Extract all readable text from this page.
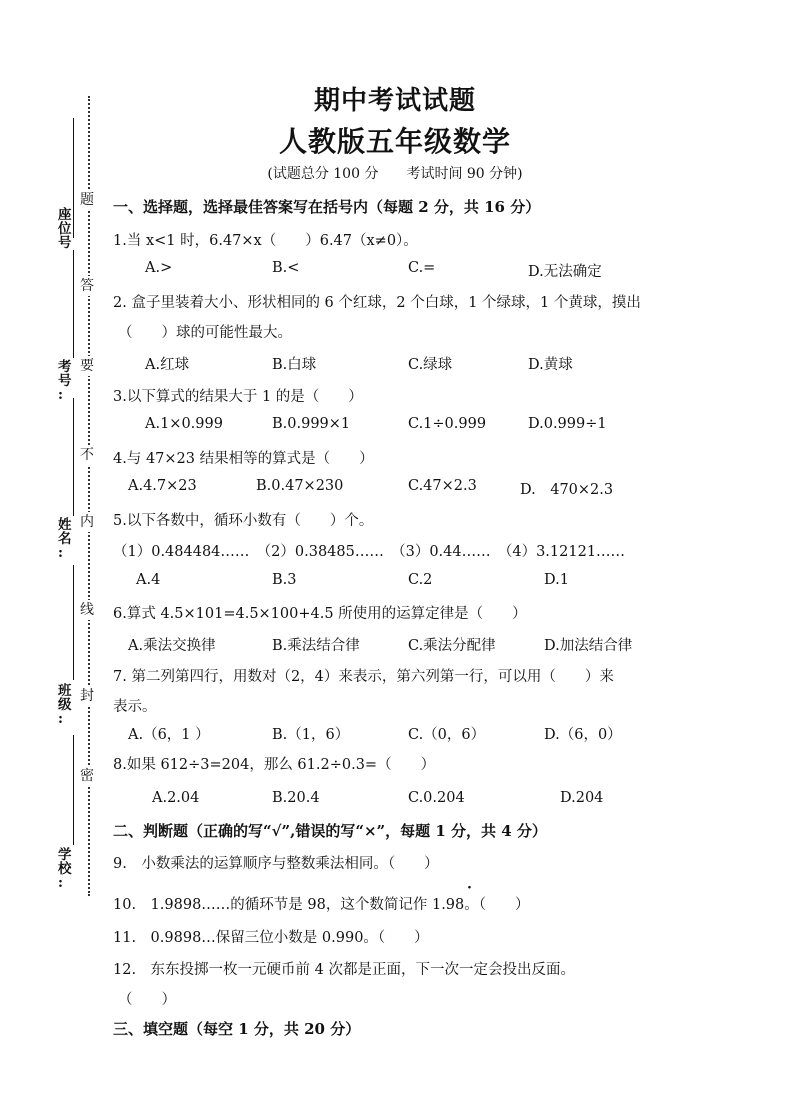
座
位
号
考
号
:
姓
名
:
班
级
:
学
校
:
题
答
要
不
内
线
封
密
期中考试试题
人教版五年级数学
(试题总分 100 分　　考试时间 90 分钟)
一、选择题，选择最佳答案写在括号内（每题 2 分，共 16 分）
1.当 x<1 时，6.47×x（　　）6.47（x≠0）。
A.>	B.<	C.=	D.无法确定
2. 盒子里装着大小、形状相同的 6 个红球，2 个白球，1 个绿球，1 个黄球，摸出
（　　）球的可能性最大。
A.红球	B.白球	C.绿球	D.黄球
3.以下算式的结果大于 1 的是（　　）
A.1×0.999	B.0.999×1	C.1÷0.999	D.0.999÷1
4.与 47×23 结果相等的算式是（　　）
A.4.7×23	B.0.47×230	C.47×2.3	D.　470×2.3
5.以下各数中，循环小数有（　　）个。
（1）0.484484……　（2）0.38485……　（3）0.44……　（4）3.12121……
A.4	B.3	C.2	D.1
6.算式 4.5×101=4.5×100+4.5 所使用的运算定律是（　　）
A.乘法交换律	B.乘法结合律	C.乘法分配律	D.加法结合律
7. 第二列第四行，用数对（2，4）来表示，第六列第一行，可以用（　　）来
表示。
A.（6，1 ）	B.（1，6）	C.（0，6）	D.（6，0）
8.如果 612÷3=204，那么 61.2÷0.3=（　　）
A.2.04	B.20.4	C.0.204	D.204
二、判断题（正确的写“√”,错误的写“×”，每题 1 分，共 4 分）
9.　小数乘法的运算顺序与整数乘法相同。（　　）
10.　1.9898……的循环节是 98，这个数简记作 1.98。（　　）
·
11.　0.9898…保留三位小数是 0.990。（　　）
12.　东东投掷一枚一元硬币前 4 次都是正面，下一次一定会投出反面。
（　　）
三、填空题（每空 1 分，共 20 分）
